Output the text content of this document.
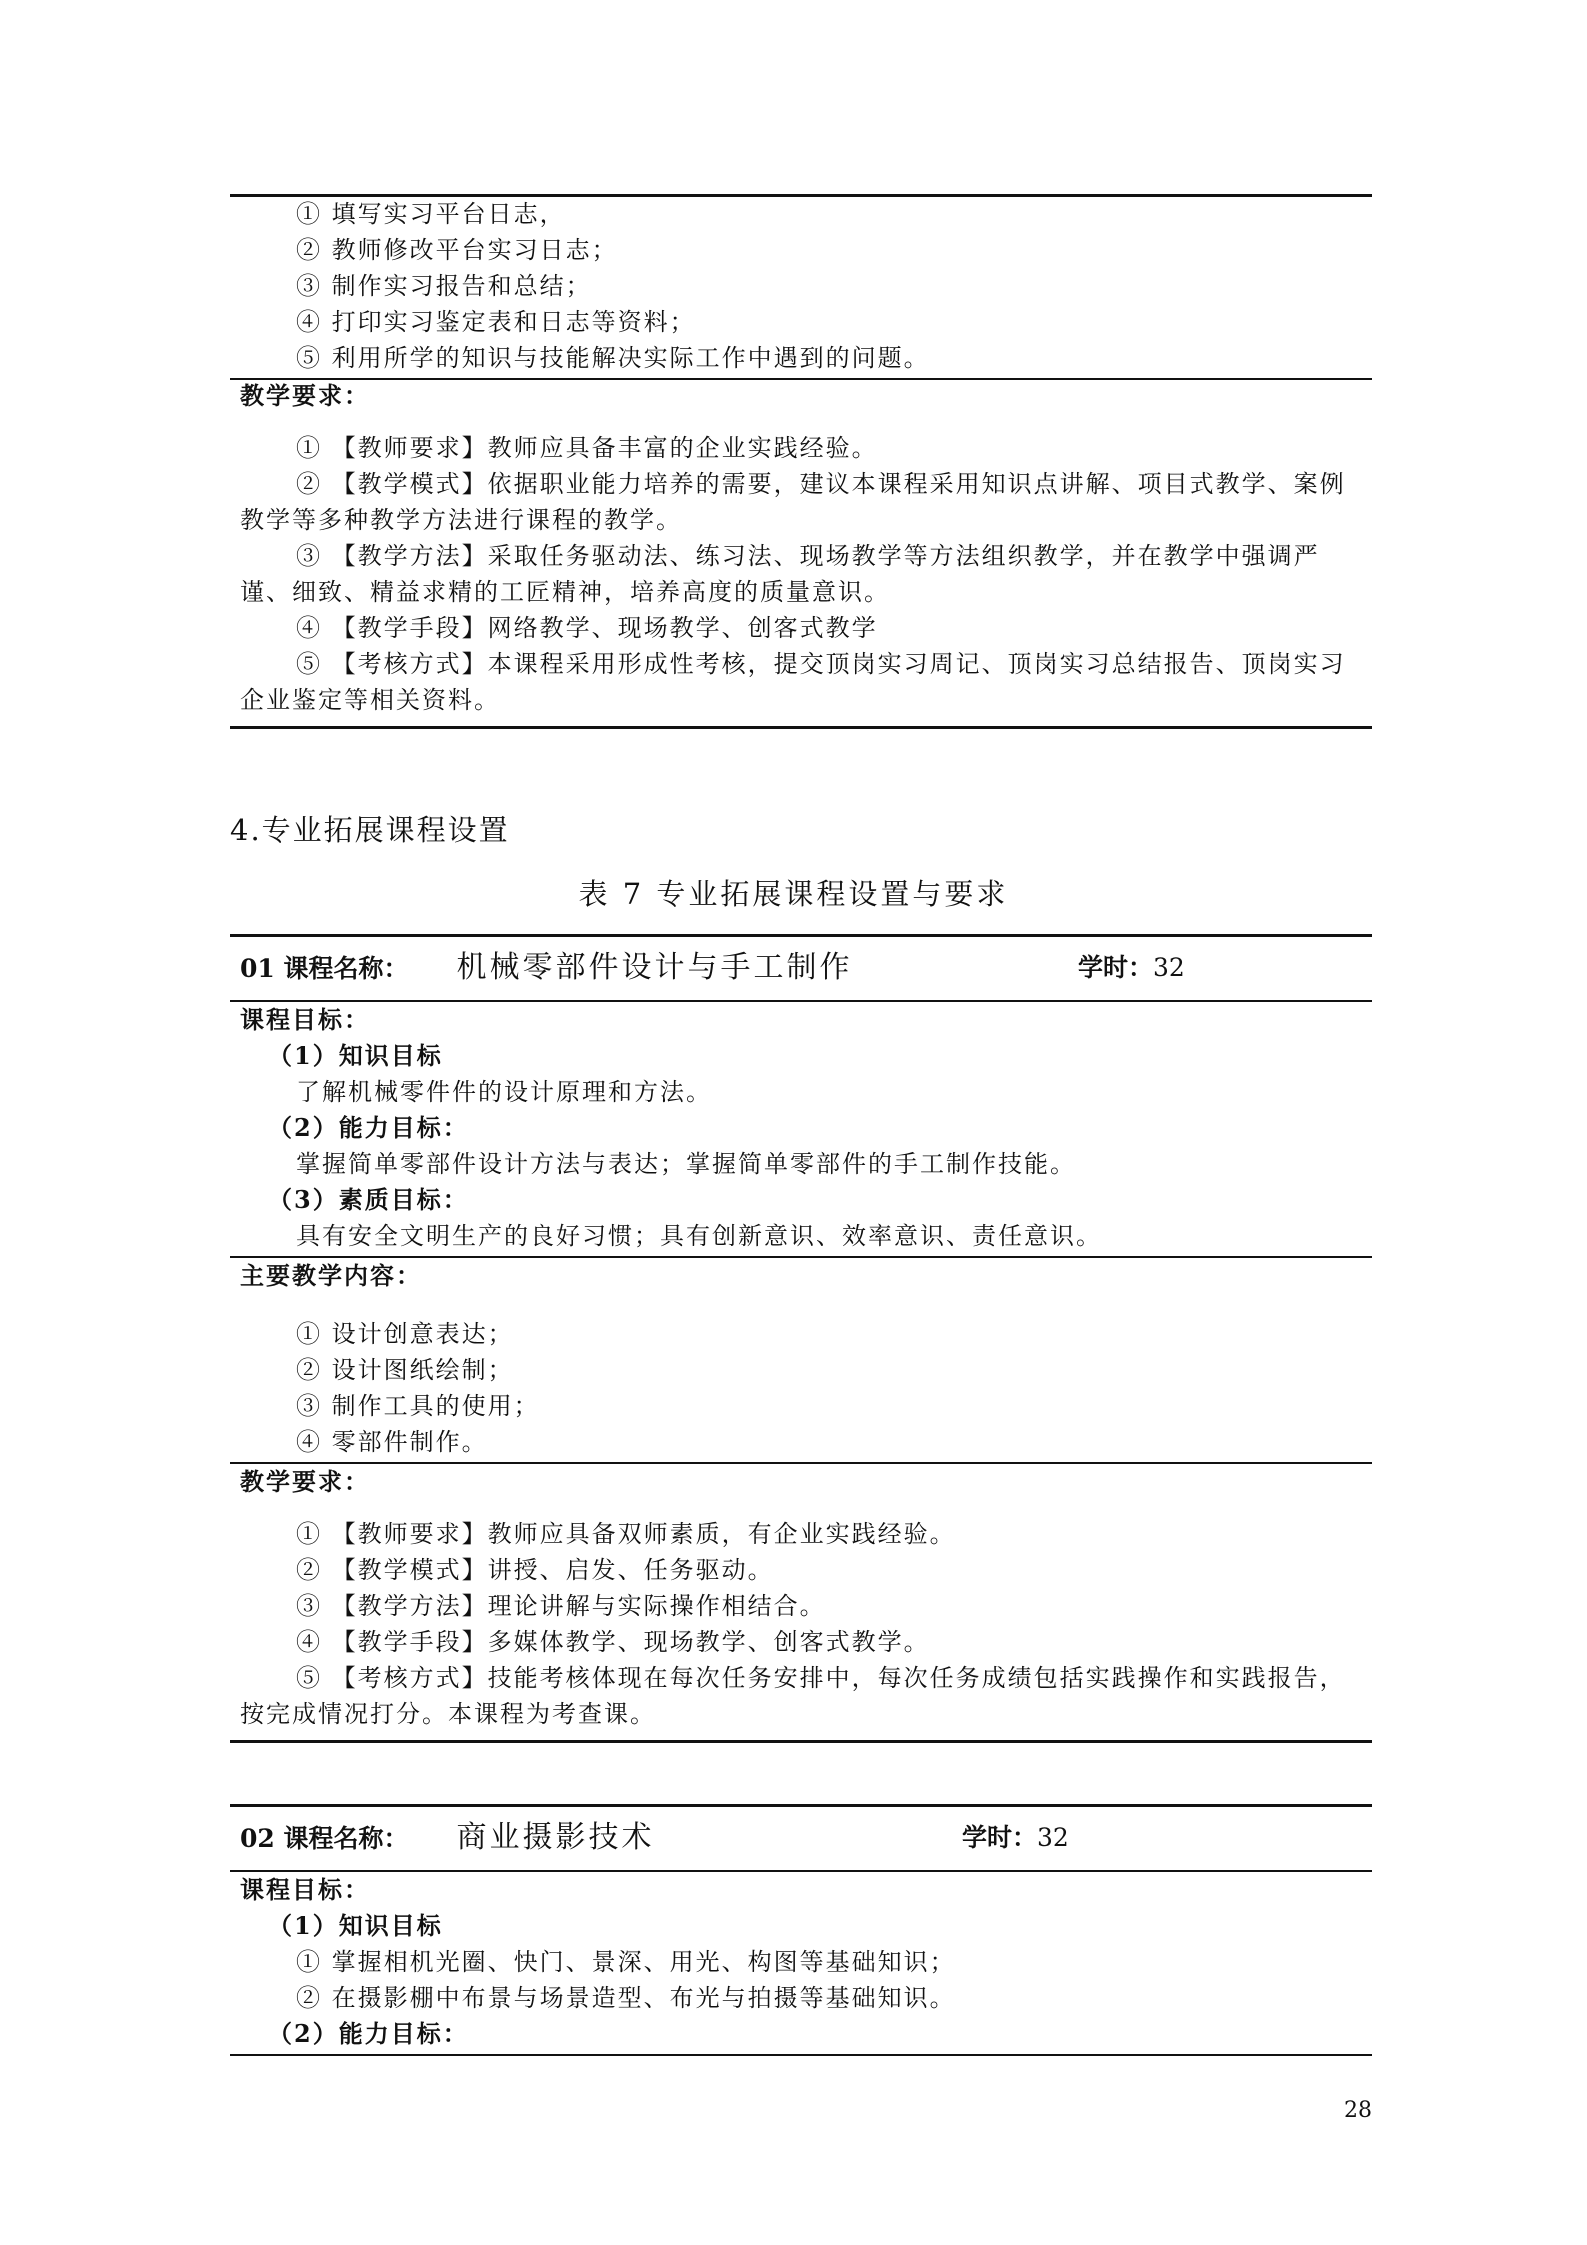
① 填写实习平台日志，
② 教师修改平台实习日志；
③ 制作实习报告和总结；
④ 打印实习鉴定表和日志等资料；
⑤ 利用所学的知识与技能解决实际工作中遇到的问题。
教学要求：
① 【教师要求】教师应具备丰富的企业实践经验。
② 【教学模式】依据职业能力培养的需要，建议本课程采用知识点讲解、项目式教学、案例教学等多种教学方法进行课程的教学。
③ 【教学方法】采取任务驱动法、练习法、现场教学等方法组织教学，并在教学中强调严谨、细致、精益求精的工匠精神，培养高度的质量意识。
④ 【教学手段】网络教学、现场教学、创客式教学
⑤ 【考核方式】本课程采用形成性考核，提交顶岗实习周记、顶岗实习总结报告、顶岗实习企业鉴定等相关资料。
4.专业拓展课程设置
表 7 专业拓展课程设置与要求
01 课程名称： 机械零部件设计与手工制作	学时：32
课程目标：
（1）知识目标
了解机械零件件的设计原理和方法。
（2）能力目标：
掌握简单零部件设计方法与表达；掌握简单零部件的手工制作技能。
（3）素质目标：
具有安全文明生产的良好习惯；具有创新意识、效率意识、责任意识。
主要教学内容：
① 设计创意表达；
② 设计图纸绘制；
③ 制作工具的使用；
④ 零部件制作。
教学要求：
① 【教师要求】教师应具备双师素质，有企业实践经验。
② 【教学模式】讲授、启发、任务驱动。
③ 【教学方法】理论讲解与实际操作相结合。
④ 【教学手段】多媒体教学、现场教学、创客式教学。
⑤ 【考核方式】技能考核体现在每次任务安排中，每次任务成绩包括实践操作和实践报告，按完成情况打分。本课程为考查课。
02 课程名称： 商业摄影技术	学时：32
课程目标：
（1）知识目标
① 掌握相机光圈、快门、景深、用光、构图等基础知识；
② 在摄影棚中布景与场景造型、布光与拍摄等基础知识。
（2）能力目标：
28
